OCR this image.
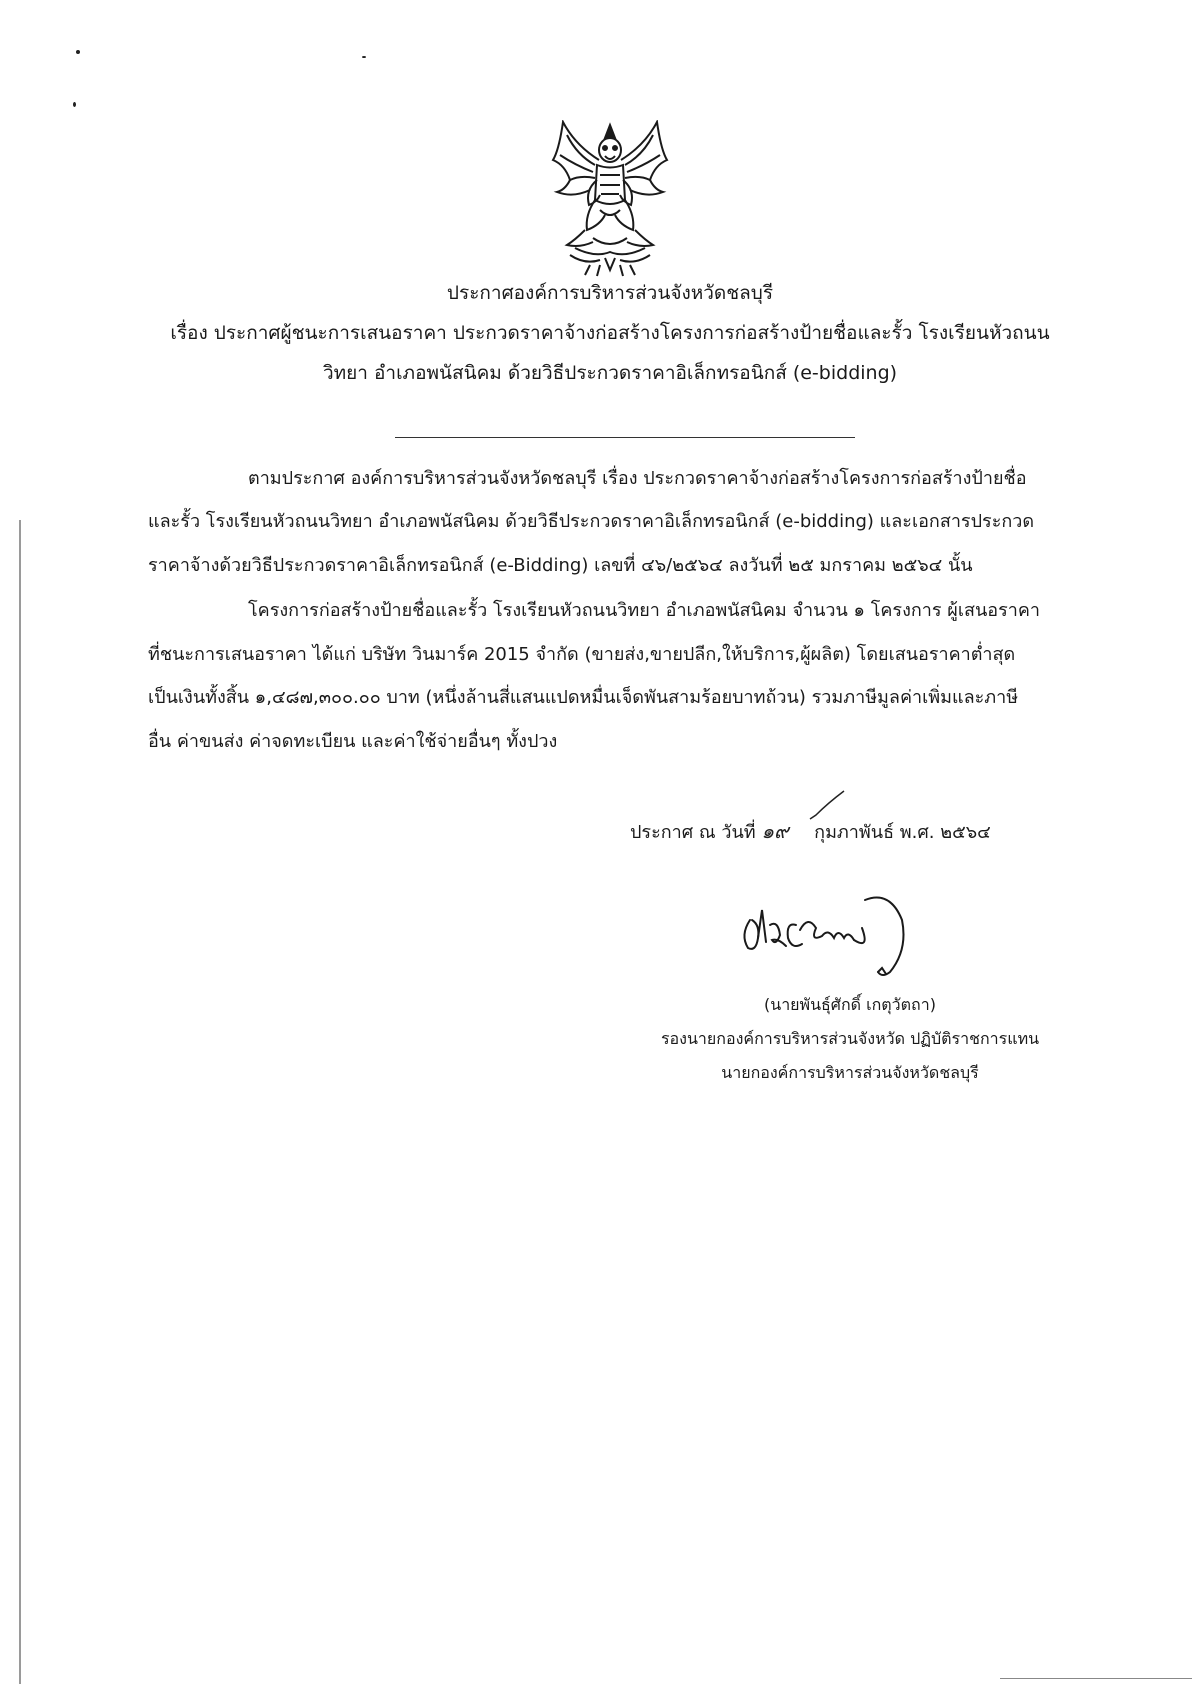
ประกาศองค์การบริหารส่วนจังหวัดชลบุรี
เรื่อง ประกาศผู้ชนะการเสนอราคา ประกวดราคาจ้างก่อสร้างโครงการก่อสร้างป้ายชื่อและรั้ว โรงเรียนหัวถนน
วิทยา อำเภอพนัสนิคม ด้วยวิธีประกวดราคาอิเล็กทรอนิกส์ (e-bidding)
ตามประกาศ องค์การบริหารส่วนจังหวัดชลบุรี เรื่อง ประกวดราคาจ้างก่อสร้างโครงการก่อสร้างป้ายชื่อ
และรั้ว โรงเรียนหัวถนนวิทยา อำเภอพนัสนิคม ด้วยวิธีประกวดราคาอิเล็กทรอนิกส์ (e-bidding) และเอกสารประกวด
ราคาจ้างด้วยวิธีประกวดราคาอิเล็กทรอนิกส์ (e-Bidding) เลขที่ ๔๖/๒๕๖๔ ลงวันที่ ๒๕ มกราคม ๒๕๖๔ นั้น
โครงการก่อสร้างป้ายชื่อและรั้ว โรงเรียนหัวถนนวิทยา อำเภอพนัสนิคม จำนวน ๑ โครงการ ผู้เสนอราคา
ที่ชนะการเสนอราคา ได้แก่ บริษัท วินมาร์ค 2015 จำกัด (ขายส่ง,ขายปลีก,ให้บริการ,ผู้ผลิต) โดยเสนอราคาต่ำสุด
เป็นเงินทั้งสิ้น ๑,๔๘๗,๓๐๐.๐๐ บาท (หนึ่งล้านสี่แสนแปดหมื่นเจ็ดพันสามร้อยบาทถ้วน) รวมภาษีมูลค่าเพิ่มและภาษี
อื่น ค่าขนส่ง ค่าจดทะเบียน และค่าใช้จ่ายอื่นๆ ทั้งปวง
ประกาศ ณ วันที่ ๑๙ กุมภาพันธ์ พ.ศ. ๒๕๖๔
(นายพันธุ์ศักดิ์ เกตุวัตถา)
รองนายกองค์การบริหารส่วนจังหวัด ปฏิบัติราชการแทน
นายกองค์การบริหารส่วนจังหวัดชลบุรี
